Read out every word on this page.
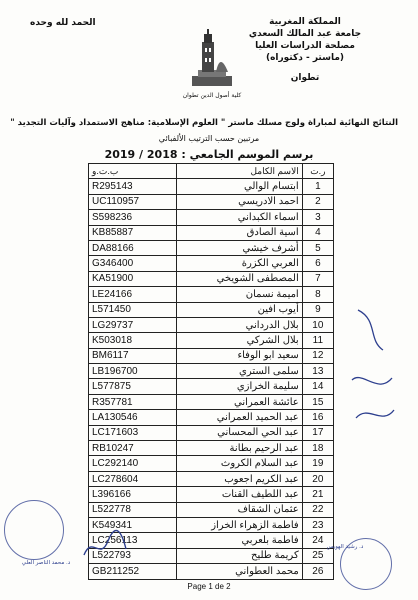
المملكة المغربية
جامعة عبد المالك السعدي
مصلحة الدراسات العليا
(ماستر - دكتوراه)
تطوان
الحمد لله وحده
كلية أصول الدين تطوان
النتائج النهائية لمباراة ولوج مسلك ماستر " العلوم الإسلامية: مناهج الاستمداد وآليات التجديد "
مرتبين حسب الترتيب الألفبائي
برسم الموسم الجامعي : 2018 / 2019
ب.ت.و	الاسم الكامل	ر.ت
R295143	ابتسام الوالي	1
UC110957	احمد الادريسي	2
S598236	اسماء الكبداني	3
KB85887	اسية الصادق	4
DA88166	أشرف خيشي	5
G346400	العربي الكزرة	6
KA51900	المصطفى الشويخي	7
LE24166	اميمة نسمان	8
L571450	أيوب افين	9
LG29737	بلال الدرداني	10
K503018	بلال الشركي	11
BM6117	سعيد ابو الوفاء	12
LB196700	سلمى الستري	13
L577875	سليمة الخرازي	14
R357781	عائشة العمراني	15
LA130546	عبد الحميد العمراني	16
LC171603	عبد الحي المحساني	17
RB10247	عبد الرحيم بطانة	18
LC292140	عبد السلام الكروث	19
LC278604	عبد الكريم اجعوب	20
L396166	عبد اللطيف القنات	21
L522778	عثمان الشقاف	22
K549341	فاطمة الزهراء الخراز	23
LC256113	فاطمة بلعربي	24
L522793	كريمة طليح	25
GB211252	محمد العطواني	26
Page 1 de 2
د. محمد الناصر العلي
د. رشيد الهويس
